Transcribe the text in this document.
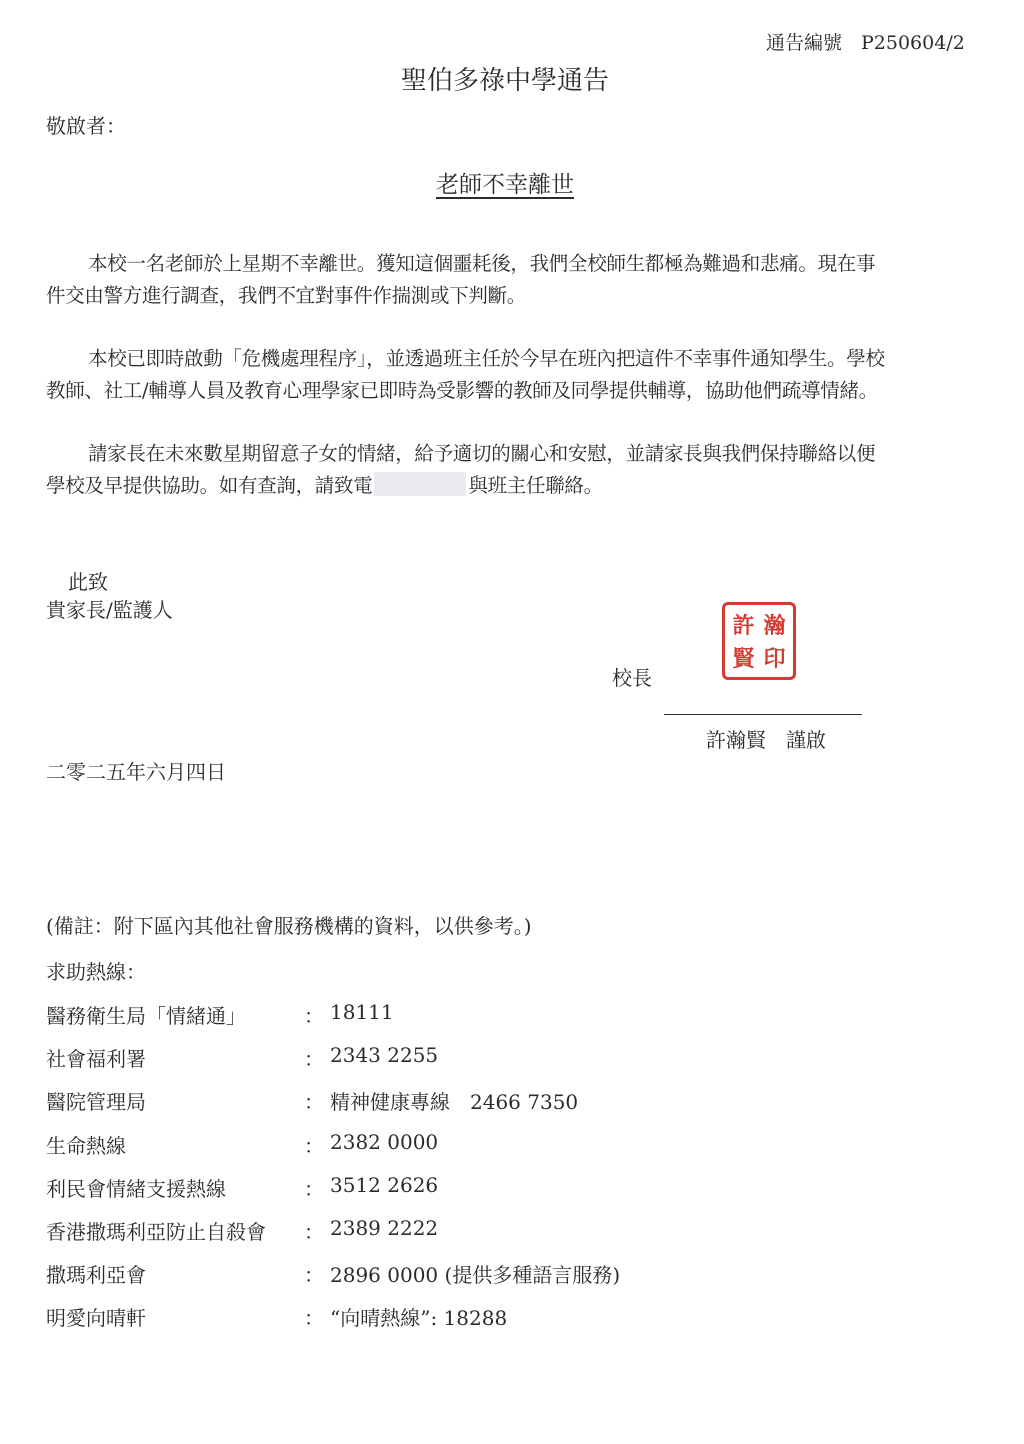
通告編號　P250604/2
聖伯多祿中學通告
敬啟者：
老師不幸離世
本校一名老師於上星期不幸離世。獲知這個噩耗後，我們全校師生都極為難過和悲痛。現在事
件交由警方進行調查，我們不宜對事件作揣測或下判斷。
本校已即時啟動「危機處理程序」，並透過班主任於今早在班內把這件不幸事件通知學生。學校
教師、社工/輔導人員及教育心理學家已即時為受影響的教師及同學提供輔導，協助他們疏導情緒。
請家長在未來數星期留意子女的情緒，給予適切的關心和安慰，並請家長與我們保持聯絡以便
學校及早提供協助。如有查詢，請致電	與班主任聯絡。
此致
貴家長/監護人
校長
許 瀚
賢 印
許瀚賢　謹啟
二零二五年六月四日
(備註：附下區內其他社會服務機構的資料，以供參考。)
求助熱線：
醫務衛生局「情緒通」	： 18111
社會福利署	： 2343 2255
醫院管理局	： 精神健康專線　2466 7350
生命熱線	： 2382 0000
利民會情緒支援熱線	： 3512 2626
香港撒瑪利亞防止自殺會 ： 2389 2222
撒瑪利亞會	： 2896 0000 (提供多種語言服務)
明愛向晴軒	： “向晴熱線”: 18288
